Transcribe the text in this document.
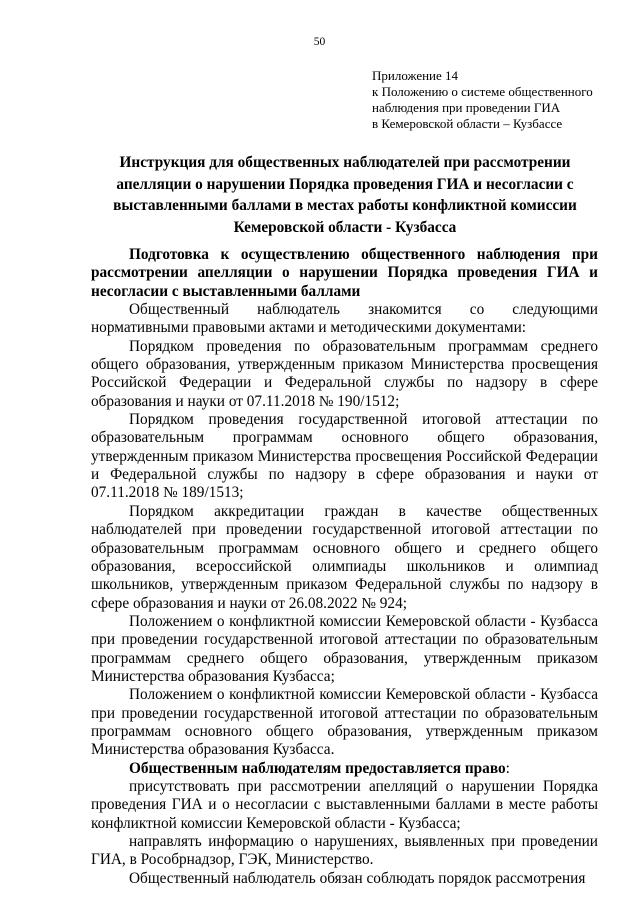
50
Приложение 14
к Положению о системе общественного
наблюдения при проведении ГИА
в Кемеровской области – Кузбассе
Инструкция для общественных наблюдателей при рассмотрении
апелляции о нарушении Порядка проведения ГИА и несогласии с
выставленными баллами в местах работы конфликтной комиссии
Кемеровской области - Кузбасса

Подготовка к осуществлению общественного наблюдения при рассмотрении апелляции о нарушении Порядка проведения ГИА и несогласии с выставленными баллами

Общественный наблюдатель знакомится со следующими нормативными правовыми актами и методическими документами:

Порядком проведения по образовательным программам среднего общего образования, утвержденным приказом Министерства просвещения Российской Федерации и Федеральной службы по надзору в сфере образования и науки от 07.11.2018 № 190/1512;

Порядком проведения государственной итоговой аттестации по образовательным программам основного общего образования, утвержденным приказом Министерства просвещения Российской Федерации и Федеральной службы по надзору в сфере образования и науки от 07.11.2018 № 189/1513;

Порядком аккредитации граждан в качестве общественных наблюдателей при проведении государственной итоговой аттестации по образовательным программам основного общего и среднего общего образования, всероссийской олимпиады школьников и олимпиад школьников, утвержденным приказом Федеральной службы по надзору в сфере образования и науки от 26.08.2022 № 924;

Положением о конфликтной комиссии Кемеровской области - Кузбасса при проведении государственной итоговой аттестации по образовательным программам среднего общего образования, утвержденным приказом Министерства образования Кузбасса;

Положением о конфликтной комиссии Кемеровской области - Кузбасса при проведении государственной итоговой аттестации по образовательным программам основного общего образования, утвержденным приказом Министерства образования Кузбасса.

Общественным наблюдателям предоставляется право:

присутствовать при рассмотрении апелляций о нарушении Порядка проведения ГИА и о несогласии с выставленными баллами в месте работы конфликтной комиссии Кемеровской области - Кузбасса;

направлять информацию о нарушениях, выявленных при проведении ГИА, в Рособрнадзор, ГЭК, Министерство.

Общественный наблюдатель обязан соблюдать порядок рассмотрения
